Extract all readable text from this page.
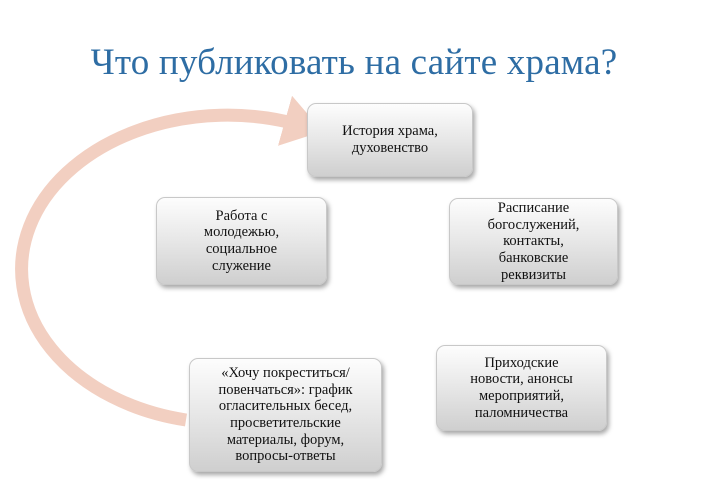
Что публиковать на сайте храма?
История храма,
духовенство
Расписание
богослужений,
контакты,
банковские
реквизиты
Приходские
новости, анонсы
мероприятий,
паломничества
«Хочу покреститься/
повенчаться»: график
огласительных бесед,
просветительские
материалы, форум,
вопросы-ответы
Работа с
молодежью,
социальное
служение
